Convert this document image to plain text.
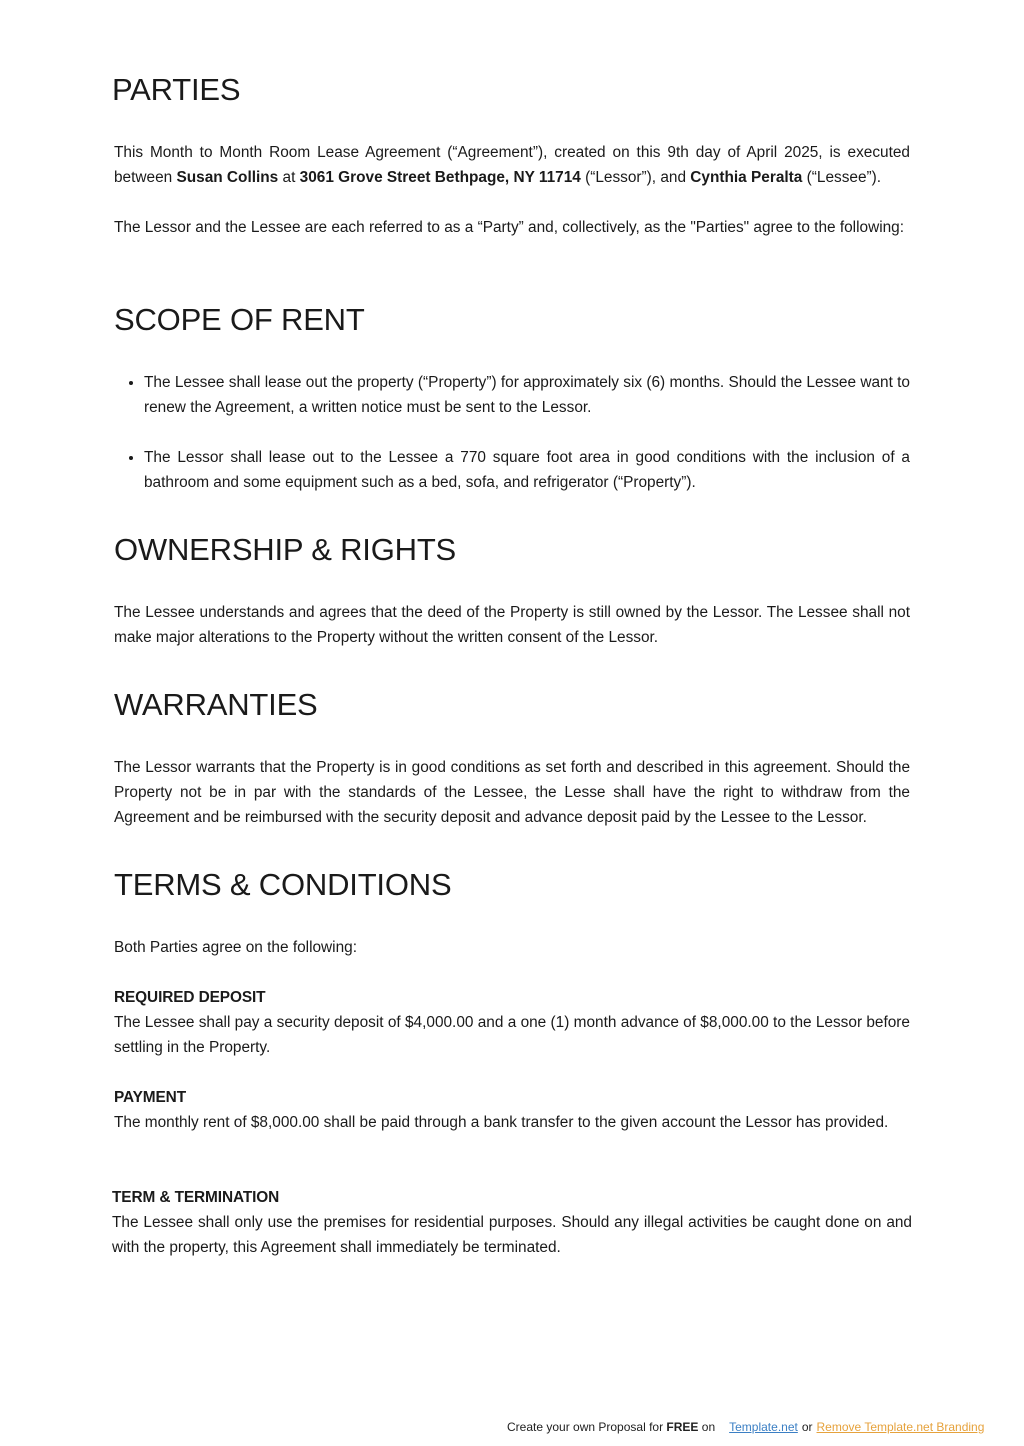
PARTIES

This Month to Month Room Lease Agreement (“Agreement”), created on this 9th day of April 2025, is executed between Susan Collins at 3061 Grove Street Bethpage, NY 11714 (“Lessor”), and Cynthia Peralta (“Lessee”).

The Lessor and the Lessee are each referred to as a “Party” and, collectively, as the "Parties" agree to the following:

SCOPE OF RENT
• The Lessee shall lease out the property (“Property”) for approximately six (6) months. Should the Lessee want to renew the Agreement, a written notice must be sent to the Lessor.
• The Lessor shall lease out to the Lessee a 770 square foot area in good conditions with the inclusion of a bathroom and some equipment such as a bed, sofa, and refrigerator (“Property”).
OWNERSHIP & RIGHTS

The Lessee understands and agrees that the deed of the Property is still owned by the Lessor. The Lessee shall not make major alterations to the Property without the written consent of the Lessor.

WARRANTIES

The Lessor warrants that the Property is in good conditions as set forth and described in this agreement. Should the Property not be in par with the standards of the Lessee, the Lesse shall have the right to withdraw from the Agreement and be reimbursed with the security deposit and advance deposit paid by the Lessee to the Lessor.

TERMS & CONDITIONS

Both Parties agree on the following:

REQUIRED DEPOSIT

The Lessee shall pay a security deposit of $4,000.00 and a one (1) month advance of $8,000.00 to the Lessor before settling in the Property.

PAYMENT

The monthly rent of $8,000.00 shall be paid through a bank transfer to the given account the Lessor has provided.

TERM & TERMINATION

The Lessee shall only use the premises for residential purposes. Should any illegal activities be caught done on and with the property, this Agreement shall immediately be terminated.

Create your own Proposal for FREE on Template.net or Remove Template.net Branding
